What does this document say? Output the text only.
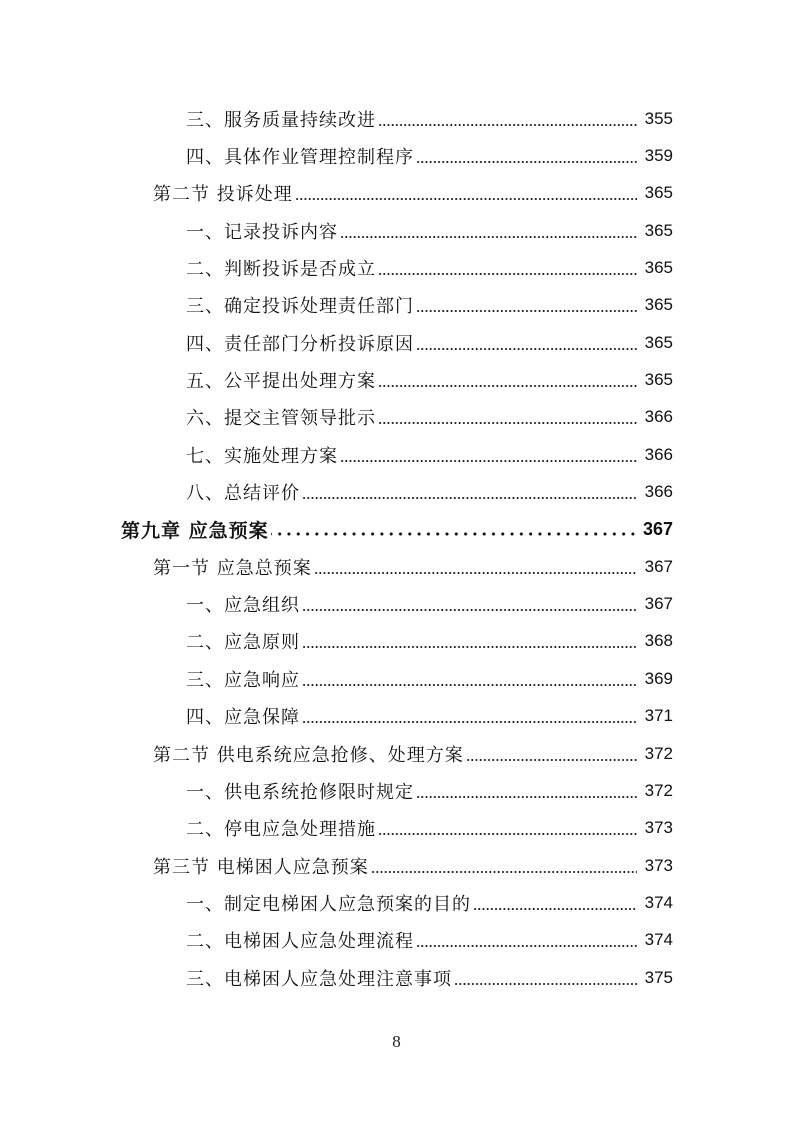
三、服务质量持续改进	355
四、具体作业管理控制程序	359
第二节 投诉处理	365
一、记录投诉内容	365
二、判断投诉是否成立	365
三、确定投诉处理责任部门	365
四、责任部门分析投诉原因	365
五、公平提出处理方案	365
六、提交主管领导批示	366
七、实施处理方案	366
八、总结评价	366
第九章 应急预案	367
第一节 应急总预案	367
一、应急组织	367
二、应急原则	368
三、应急响应	369
四、应急保障	371
第二节 供电系统应急抢修、处理方案	372
一、供电系统抢修限时规定	372
二、停电应急处理措施	373
第三节 电梯困人应急预案	373
一、制定电梯困人应急预案的目的	374
二、电梯困人应急处理流程	374
三、电梯困人应急处理注意事项	375
8
